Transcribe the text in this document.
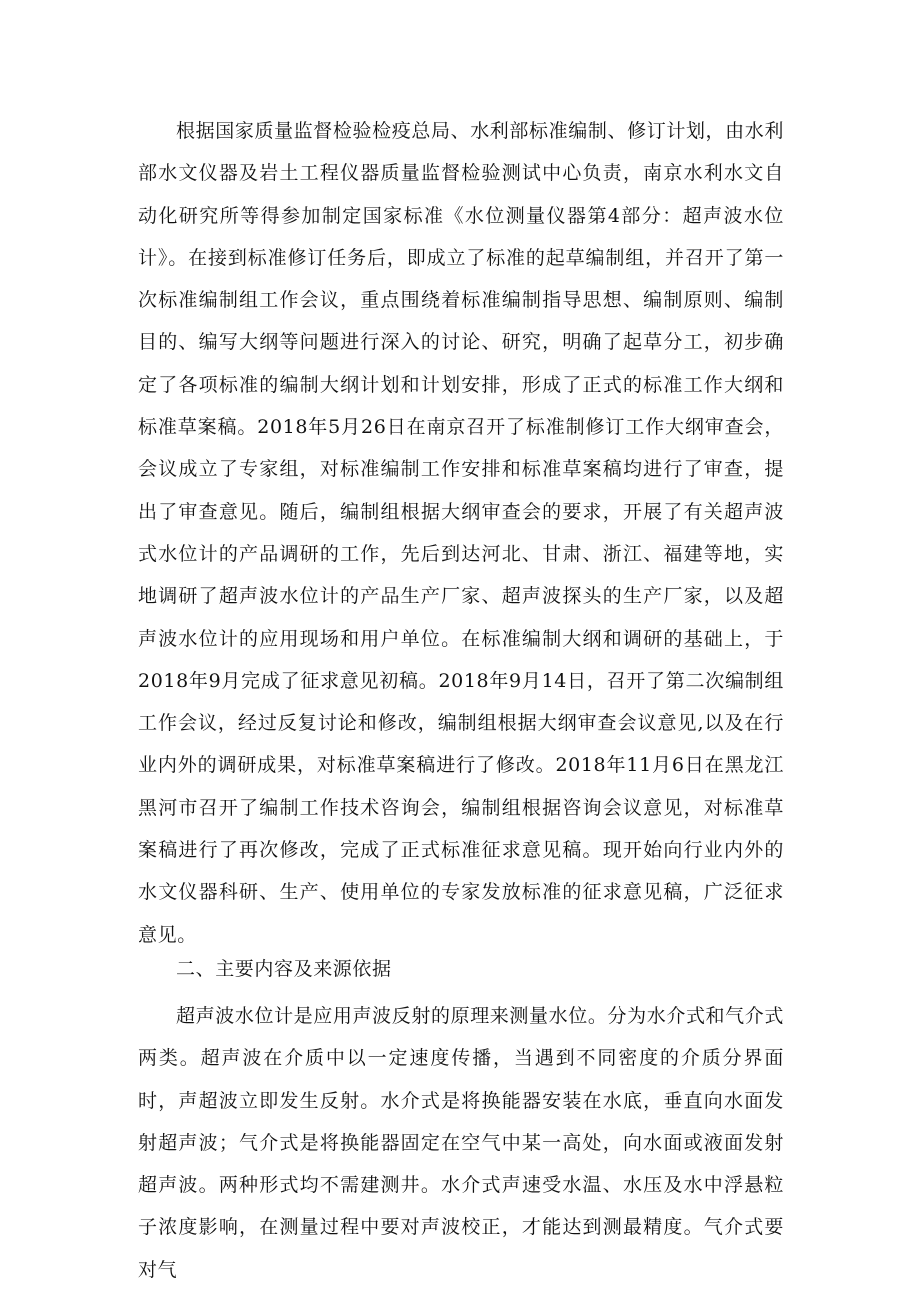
根据国家质量监督检验检疫总局、水利部标准编制、修订计划，由水利部水文仪器及岩土工程仪器质量监督检验测试中心负责，南京水利水文自动化研究所等得参加制定国家标准《水位测量仪器第4部分：超声波水位计》。在接到标准修订任务后，即成立了标准的起草编制组，并召开了第一次标准编制组工作会议，重点围绕着标准编制指导思想、编制原则、编制目的、编写大纲等问题进行深入的讨论、研究，明确了起草分工，初步确定了各项标准的编制大纲计划和计划安排，形成了正式的标准工作大纲和标准草案稿。2018年5月26日在南京召开了标准制修订工作大纲审查会，会议成立了专家组，对标准编制工作安排和标准草案稿均进行了审查，提出了审查意见。随后，编制组根据大纲审查会的要求，开展了有关超声波式水位计的产品调研的工作，先后到达河北、甘肃、浙江、福建等地，实地调研了超声波水位计的产品生产厂家、超声波探头的生产厂家，以及超声波水位计的应用现场和用户单位。在标准编制大纲和调研的基础上，于2018年9月完成了征求意见初稿。2018年9月14日，召开了第二次编制组工作会议，经过反复讨论和修改，编制组根据大纲审查会议意见,以及在行业内外的调研成果，对标准草案稿进行了修改。2018年11月6日在黑龙江黑河市召开了编制工作技术咨询会，编制组根据咨询会议意见，对标准草案稿进行了再次修改，完成了正式标准征求意见稿。现开始向行业内外的水文仪器科研、生产、使用单位的专家发放标准的征求意见稿，广泛征求意见。

二、主要内容及来源依据

超声波水位计是应用声波反射的原理来测量水位。分为水介式和气介式两类。超声波在介质中以一定速度传播，当遇到不同密度的介质分界面时，声超波立即发生反射。水介式是将换能器安装在水底，垂直向水面发射超声波；气介式是将换能器固定在空气中某一高处，向水面或液面发射超声波。两种形式均不需建测井。水介式声速受水温、水压及水中浮悬粒子浓度影响，在测量过程中要对声波校正，才能达到测最精度。气介式要对气
